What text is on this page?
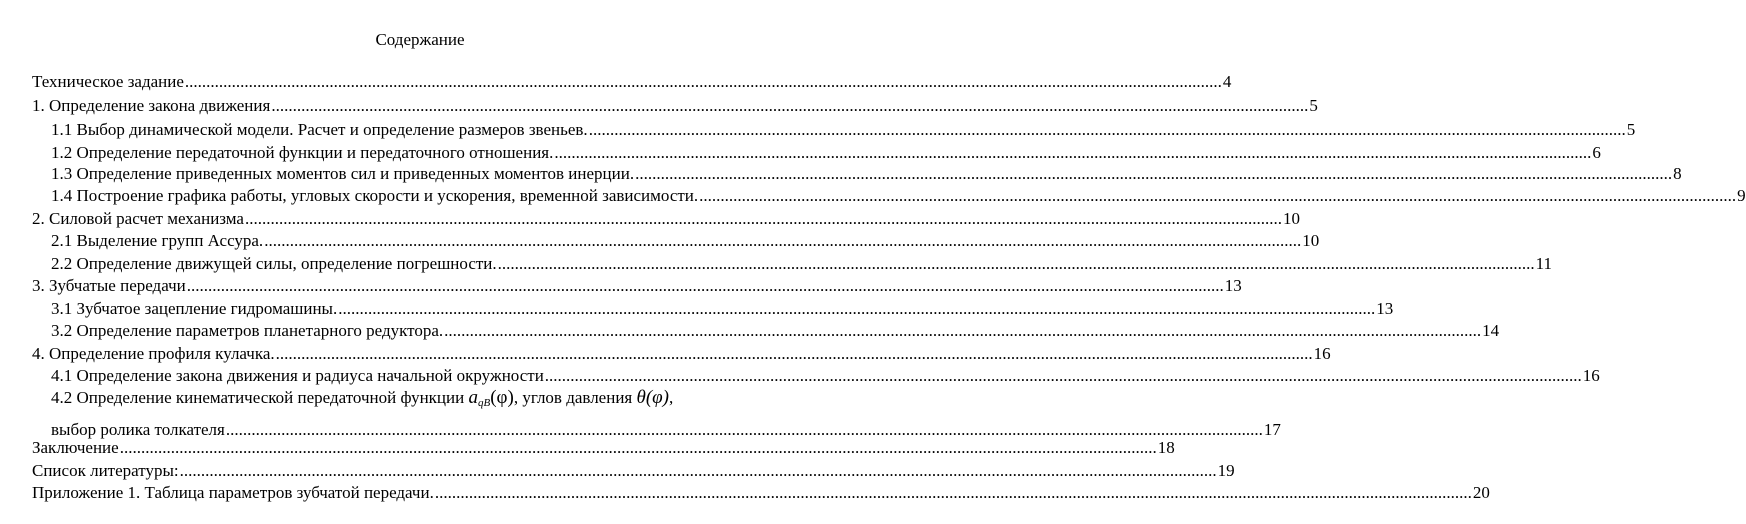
Содержание
Техническое задание .................................................................................................................................................................................................................................................... 4
1. Определение закона движения .................................................................................................................................................................................................................................................... 5
1.1 Выбор динамической модели. Расчет и определение размеров звеньев. .................................................................................................................................................................................................................................................... 5
1.2 Определение передаточной функции и передаточного отношения. .................................................................................................................................................................................................................................................... 6
1.3 Определение приведенных моментов сил и приведенных моментов инерции. .................................................................................................................................................................................................................................................... 8
1.4 Построение графика работы, угловых скорости и ускорения, временной зависимости. .................................................................................................................................................................................................................................................... 9
2. Силовой расчет механизма .................................................................................................................................................................................................................................................... 10
2.1 Выделение групп Ассура. .................................................................................................................................................................................................................................................... 10
2.2 Определение движущей силы, определение погрешности. .................................................................................................................................................................................................................................................... 11
3. Зубчатые передачи .................................................................................................................................................................................................................................................... 13
3.1 Зубчатое зацепление гидромашины. .................................................................................................................................................................................................................................................... 13
3.2 Определение параметров планетарного редуктора. .................................................................................................................................................................................................................................................... 14
4. Определение профиля кулачка. .................................................................................................................................................................................................................................................... 16
4.1 Определение закона движения и радиуса начальной окружности .................................................................................................................................................................................................................................................... 16
4.2 Определение кинематической передаточной функции $a_{qB}(\varphi)$, углов давления θ(φ),
выбор ролика толкателя .................................................................................................................................................................................................................................................... 17
Заключение .................................................................................................................................................................................................................................................... 18
Список литературы: .................................................................................................................................................................................................................................................... 19
Приложение 1. Таблица параметров зубчатой передачи. .................................................................................................................................................................................................................................................... 20
